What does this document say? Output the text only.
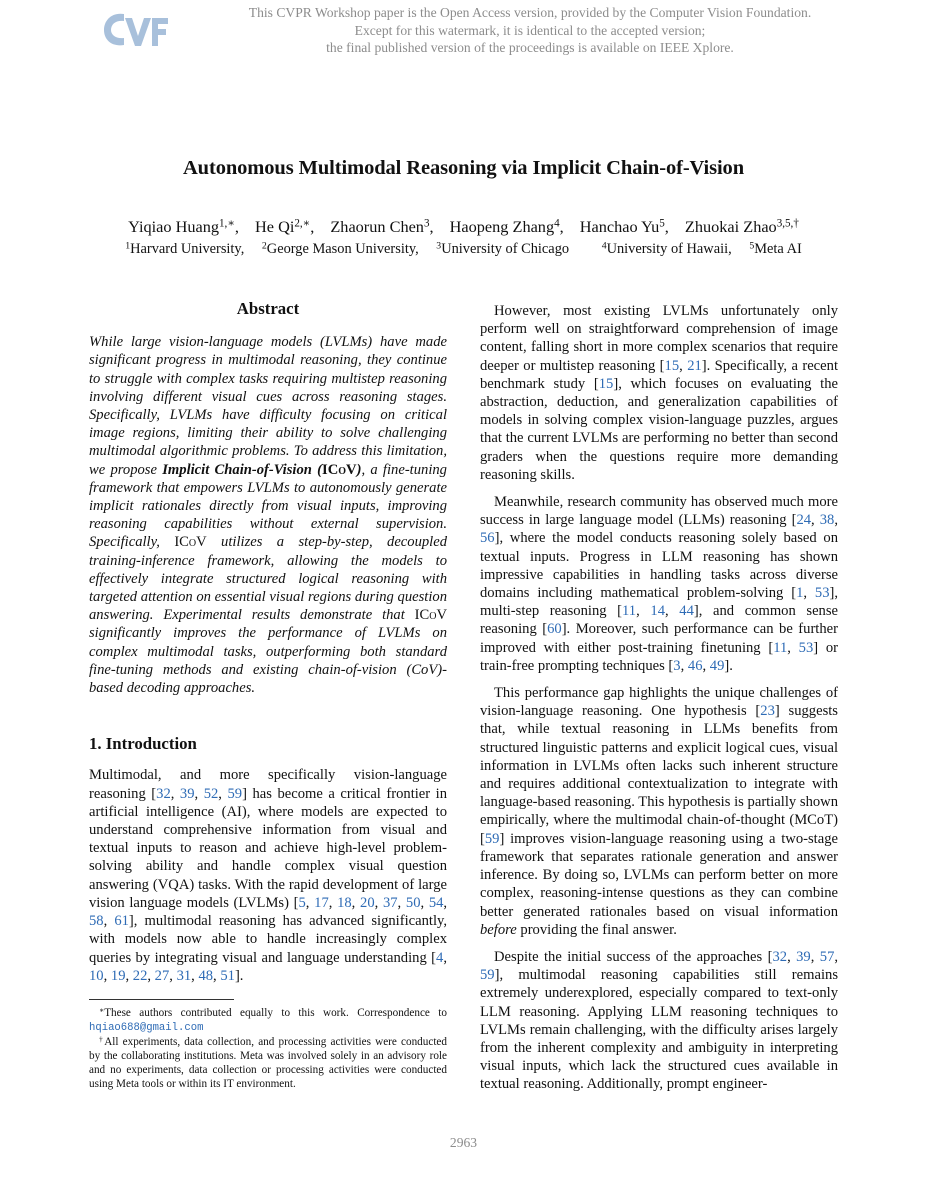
This CVPR Workshop paper is the Open Access version, provided by the Computer Vision Foundation.
Except for this watermark, it is identical to the accepted version;
the final published version of the proceedings is available on IEEE Xplore.
Autonomous Multimodal Reasoning via Implicit Chain-of-Vision
Yiqiao Huang$^{1,∗}$, He $Qi^{2,∗}$, Zhaorun Chen$^3$, Haopeng Zhang$^4$, Hanchao Yu$^5$, Zhuokai Zhao$^{3,5,\dagger}$
$^1$Harvard University, $^2$George Mason University, $^3$University of Chicago	$^4$University of Hawaii, $^5$Meta AI
Abstract

While large vision-language models (LVLMs) have made significant progress in multimodal reasoning, they continue to struggle with complex tasks requiring multistep reasoning involving different visual cues across reasoning stages. Specifically, LVLMs have difficulty focusing on critical image regions, limiting their ability to solve challenging multimodal algorithmic problems. To address this limitation, we propose Implicit Chain-of-Vision (ICoV), a fine-tuning framework that empowers LVLMs to autonomously generate implicit rationales directly from visual inputs, improving reasoning capabilities without external supervision. Specifically, ICoV utilizes a step-by-step, decoupled training-inference framework, allowing the models to effectively integrate structured logical reasoning with targeted attention on essential visual regions during question answering. Experimental results demonstrate that ICoV significantly improves the performance of LVLMs on complex multimodal tasks, outperforming both standard fine-tuning methods and existing chain-of-vision (CoV)-based decoding approaches.

1. Introduction

Multimodal, and more specifically vision-language reasoning [32, 39, 52, 59] has become a critical frontier in artificial intelligence (AI), where models are expected to understand comprehensive information from visual and textual inputs to reason and achieve high-level problem-solving ability and handle complex visual question answering (VQA) tasks. With the rapid development of large vision language models (LVLMs) [5, 17, 18, 20, 37, 50, 54, 58, 61], multimodal reasoning has advanced significantly, with models now able to handle increasingly complex queries by integrating visual and language understanding [4, 10, 19, 22, 27, 31, 48, 51].

∗These authors contributed equally to this work. Correspondence to hqiao688@gmail.com

†All experiments, data collection, and processing activities were conducted by the collaborating institutions. Meta was involved solely in an advisory role and no experiments, data collection or processing activities were conducted using Meta tools or within its IT environment.

However, most existing LVLMs unfortunately only perform well on straightforward comprehension of image content, falling short in more complex scenarios that require deeper or multistep reasoning [15, 21]. Specifically, a recent benchmark study [15], which focuses on evaluating the abstraction, deduction, and generalization capabilities of models in solving complex vision-language puzzles, argues that the current LVLMs are performing no better than second graders when the questions require more demanding reasoning skills.

Meanwhile, research community has observed much more success in large language model (LLMs) reasoning [24, 38, 56], where the model conducts reasoning solely based on textual inputs. Progress in LLM reasoning has shown impressive capabilities in handling tasks across diverse domains including mathematical problem-solving [1, 53], multi-step reasoning [11, 14, 44], and common sense reasoning [60]. Moreover, such performance can be further improved with either post-training finetuning [11, 53] or train-free prompting techniques [3, 46, 49].

This performance gap highlights the unique challenges of vision-language reasoning. One hypothesis [23] suggests that, while textual reasoning in LLMs benefits from structured linguistic patterns and explicit logical cues, visual information in LVLMs often lacks such inherent structure and requires additional contextualization to integrate with language-based reasoning. This hypothesis is partially shown empirically, where the multimodal chain-of-thought (MCoT) [59] improves vision-language reasoning using a two-stage framework that separates rationale generation and answer inference. By doing so, LVLMs can perform better on more complex, reasoning-intense questions as they can combine better generated rationales based on visual information before providing the final answer.

Despite the initial success of the approaches [32, 39, 57, 59], multimodal reasoning capabilities still remains extremely underexplored, especially compared to text-only LLM reasoning. Applying LLM reasoning techniques to LVLMs remain challenging, with the difficulty arises largely from the inherent complexity and ambiguity in interpreting visual inputs, which lack the structured cues available in textual reasoning. Additionally, prompt engineer-

2963
